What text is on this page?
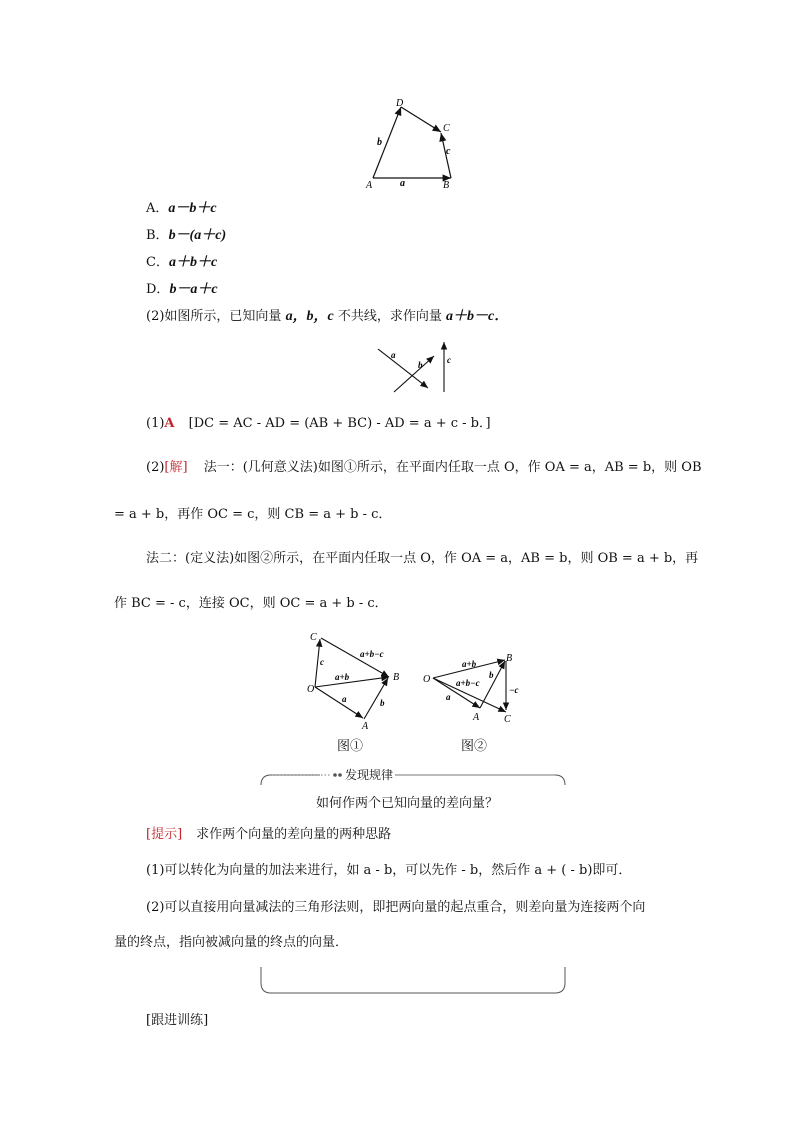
D
C
A	B
a
b
c
A．a－b＋c
B．b－(a＋c)
C．a＋b＋c
D．b－a＋c
(2)如图所示，已知向量 a，b，c 不共线，求作向量 a＋b－c．
a
b	c
(1)A [DC = AC - AD = (AB + BC) - AD = a + c - b．]
(2)[解] 法一：(几何意义法)如图①所示，在平面内任取一点 O，作 OA = a，AB = b，则 OB
= a + b，再作 OC = c，则 CB = a + b - c．
法二：(定义法)如图②所示，在平面内任取一点 O，作 OA = a，AB = b，则 OB = a + b，再
作 BC = - c，连接 OC，则 OC = a + b - c．
C
O
B
A
c
a+b
a+b−c
a	b
O
B
A C
a+b
a+b−c
a
b
−c
图①	图②
发现规律
如何作两个已知向量的差向量？
[提示] 求作两个向量的差向量的两种思路
(1)可以转化为向量的加法来进行，如 a - b，可以先作 - b，然后作 a + ( - b)即可．
(2)可以直接用向量减法的三角形法则，即把两向量的起点重合，则差向量为连接两个向
量的终点，指向被减向量的终点的向量．
[跟进训练]
